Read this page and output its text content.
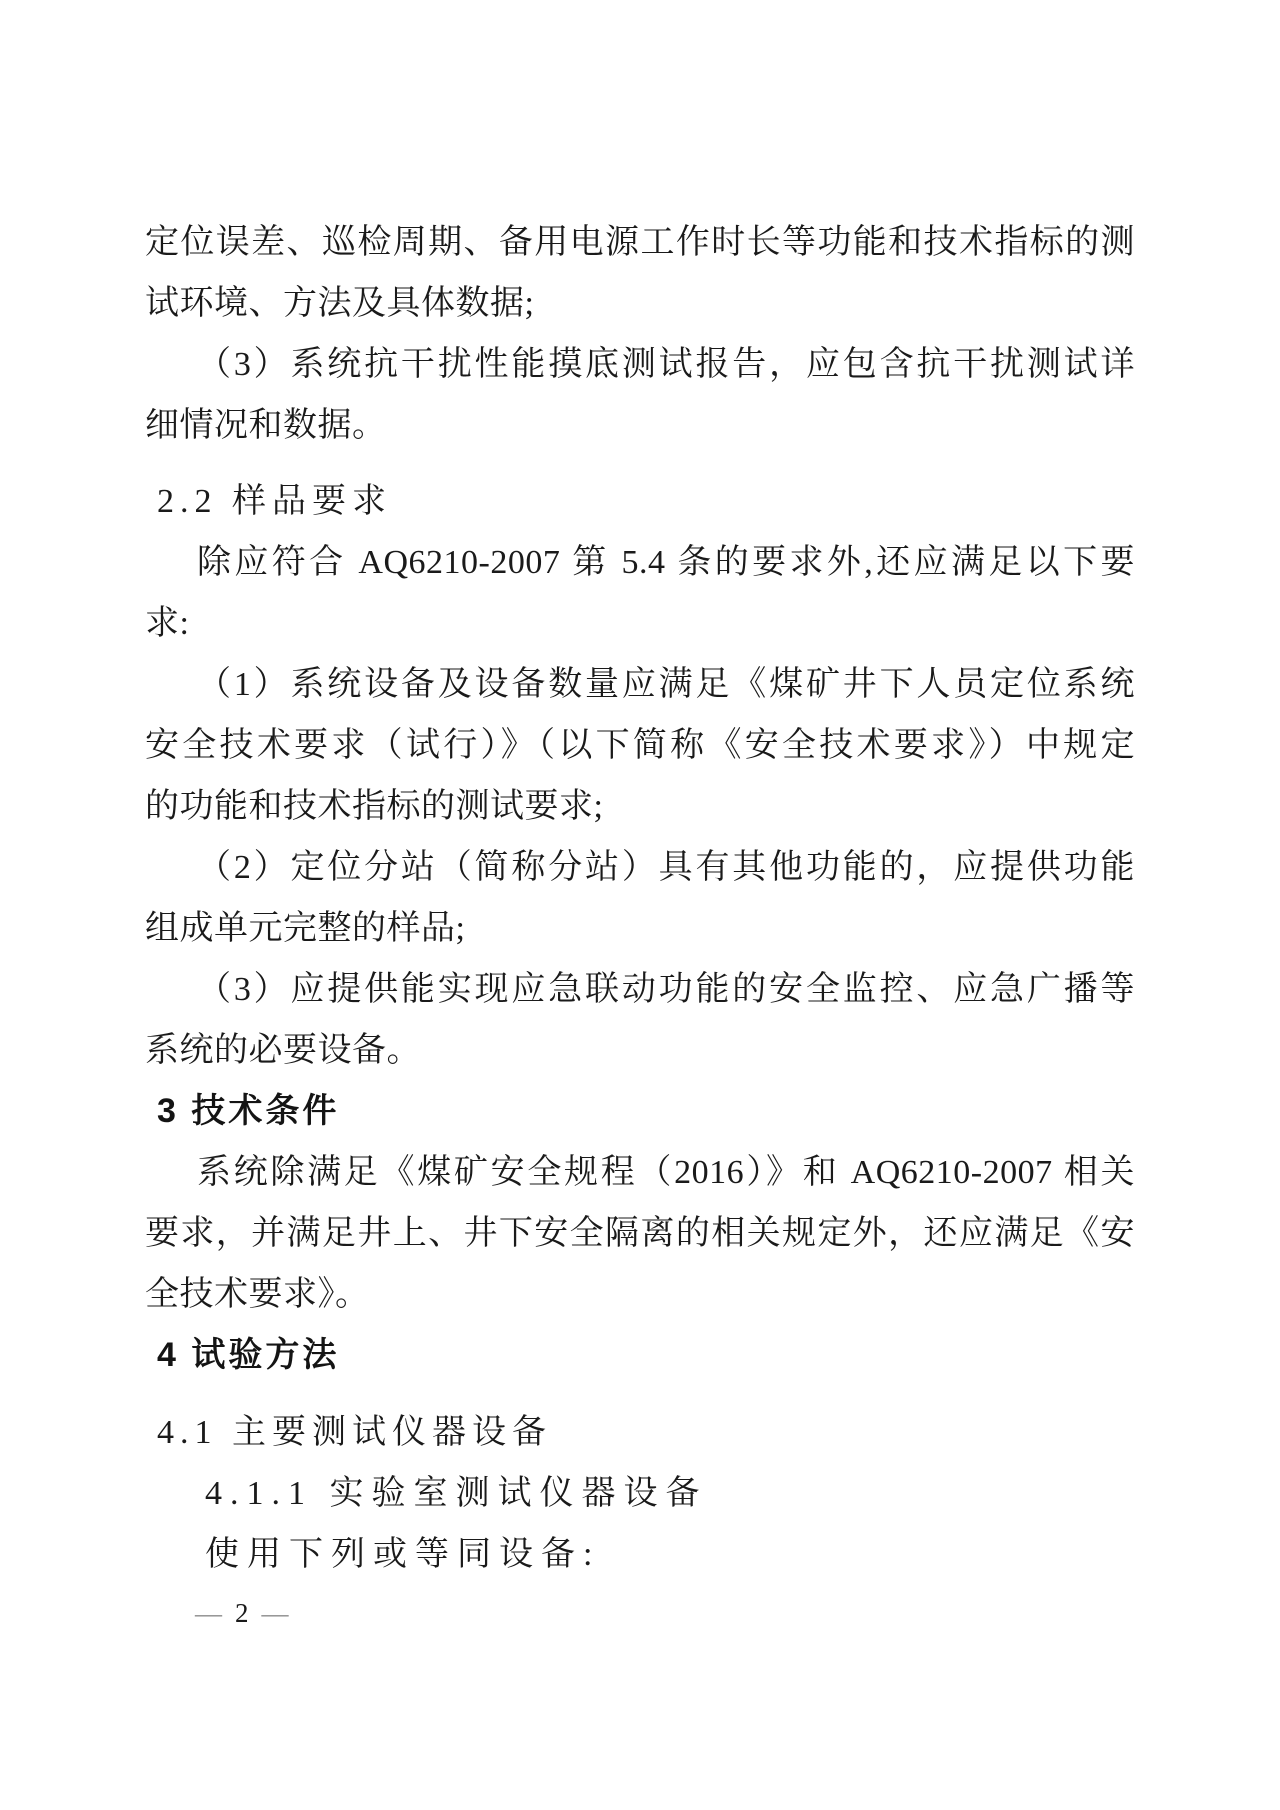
定位误差、巡检周期、备用电源工作时长等功能和技术指标的测
试环境、方法及具体数据;
（3）系统抗干扰性能摸底测试报告，应包含抗干扰测试详
细情况和数据。
2.2 样品要求
除应符合 AQ6210-2007 第 5.4 条的要求外,还应满足以下要
求:
（1）系统设备及设备数量应满足《煤矿井下人员定位系统
安全技术要求（试行）》（以下简称《安全技术要求》）中规定
的功能和技术指标的测试要求;
（2）定位分站（简称分站）具有其他功能的，应提供功能
组成单元完整的样品;
（3）应提供能实现应急联动功能的安全监控、应急广播等
系统的必要设备。
3 技术条件
系统除满足《煤矿安全规程（2016）》和 AQ6210-2007 相关
要求，并满足井上、井下安全隔离的相关规定外，还应满足《安
全技术要求》。
4 试验方法
4.1 主要测试仪器设备
4.1.1 实验室测试仪器设备
使用下列或等同设备:
— 2 —
